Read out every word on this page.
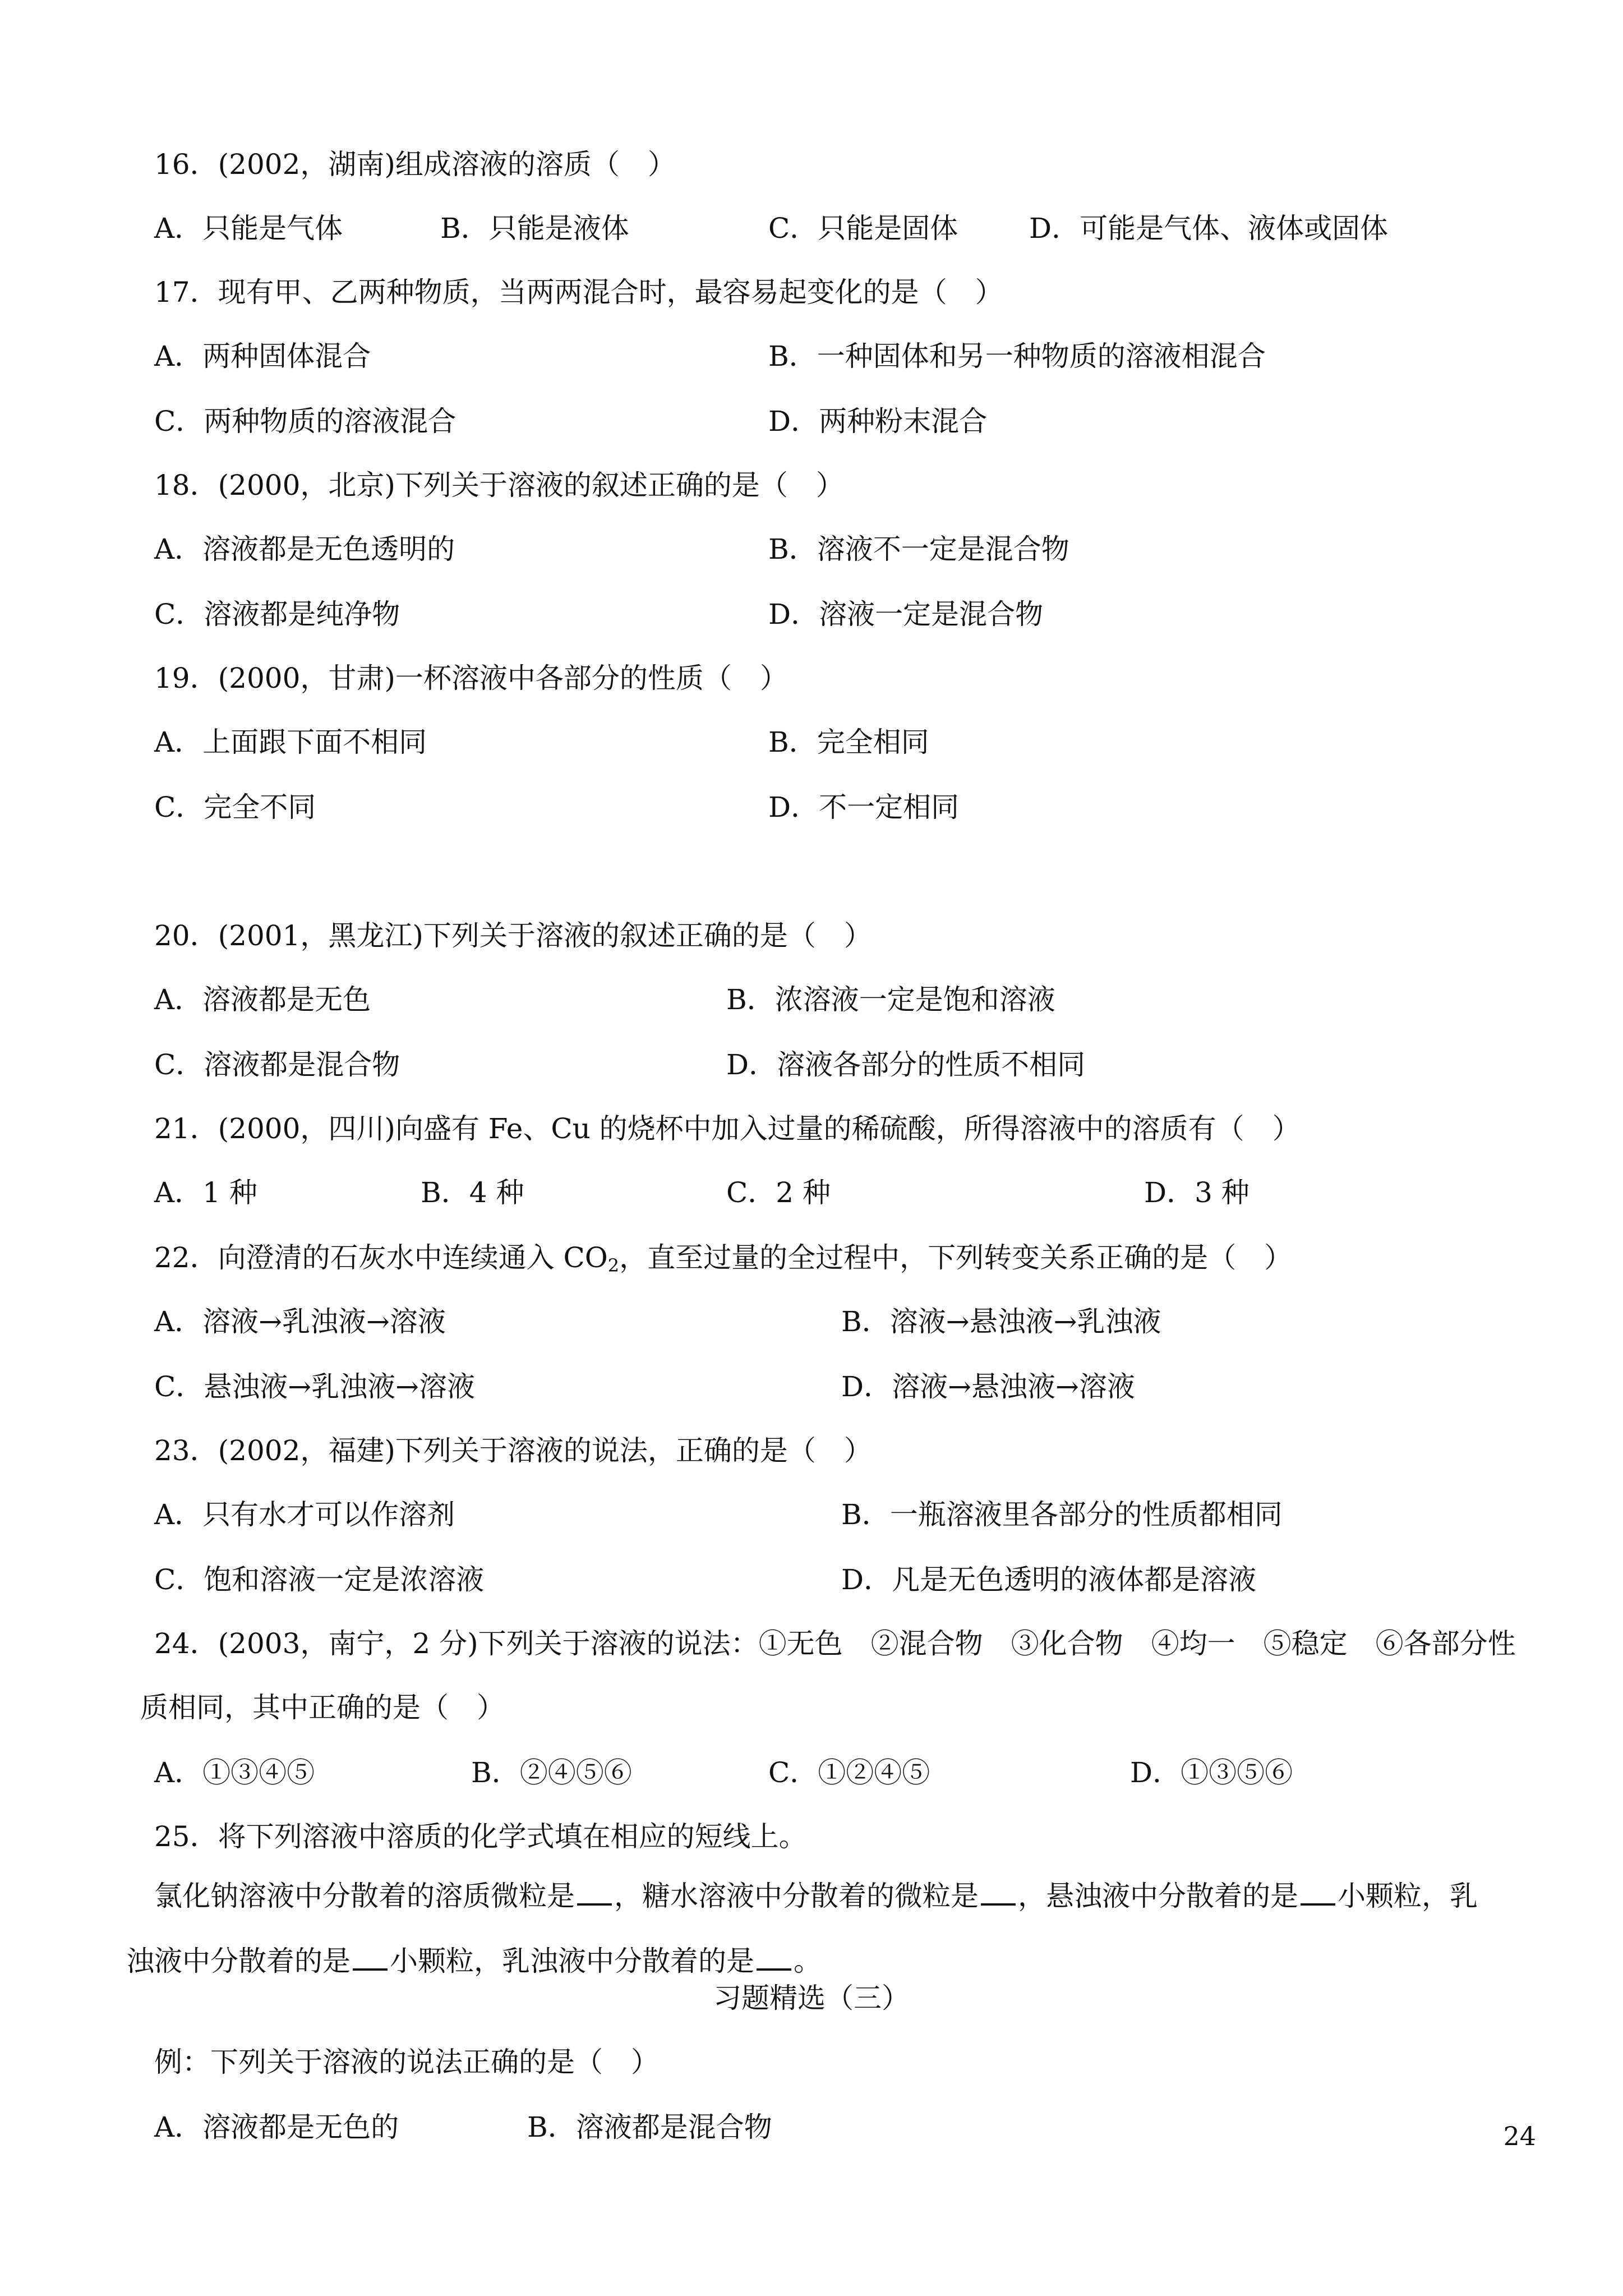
16．(2002，湖南)组成溶液的溶质（　）
A．只能是气体	B．只能是液体	C．只能是固体	D．可能是气体、液体或固体
17．现有甲、乙两种物质，当两两混合时，最容易起变化的是（　）
A．两种固体混合	B．一种固体和另一种物质的溶液相混合
C．两种物质的溶液混合	D．两种粉末混合
18．(2000，北京)下列关于溶液的叙述正确的是（　）
A．溶液都是无色透明的	B．溶液不一定是混合物
C．溶液都是纯净物	D．溶液一定是混合物
19．(2000，甘肃)一杯溶液中各部分的性质（　）
A．上面跟下面不相同	B．完全相同
C．完全不同	D．不一定相同
20．(2001，黑龙江)下列关于溶液的叙述正确的是（　）
A．溶液都是无色	B．浓溶液一定是饱和溶液
C．溶液都是混合物	D．溶液各部分的性质不相同
21．(2000，四川)向盛有 Fe、Cu 的烧杯中加入过量的稀硫酸，所得溶液中的溶质有（　）
A．1 种	B．4 种	C．2 种	D．3 种
22．向澄清的石灰水中连续通入 $CO_2$，直至过量的全过程中，下列转变关系正确的是（　）
A．溶液→乳浊液→溶液	B．溶液→悬浊液→乳浊液
C．悬浊液→乳浊液→溶液	D．溶液→悬浊液→溶液
23．(2002，福建)下列关于溶液的说法，正确的是（　）
A．只有水才可以作溶剂	B．一瓶溶液里各部分的性质都相同
C．饱和溶液一定是浓溶液	D．凡是无色透明的液体都是溶液
24．(2003，南宁，2 分)下列关于溶液的说法：①无色　②混合物　③化合物　④均一　⑤稳定　⑥各部分性
质相同，其中正确的是（　）
A．①③④⑤	B．②④⑤⑥	C．①②④⑤	D．①③⑤⑥
25．将下列溶液中溶质的化学式填在相应的短线上。
氯化钠溶液中分散着的溶质微粒是 ，糖水溶液中分散着的微粒是 ，悬浊液中分散着的是 小颗粒，乳
浊液中分散着的是 小颗粒，乳浊液中分散着的是 。
习题精选（三）
例：下列关于溶液的说法正确的是（　）
A．溶液都是无色的	B．溶液都是混合物	24
